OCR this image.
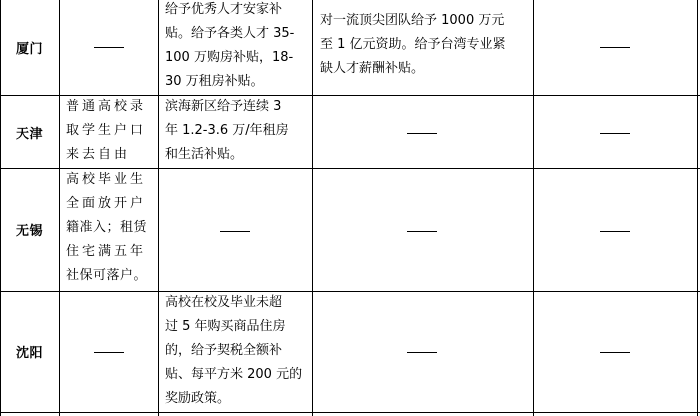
厦门
给予优秀人才安家补
贴。给予各类人才 35-
100 万购房补贴，18-
30 万租房补贴。
对一流顶尖团队给予 1000 万元
至 1 亿元资助。给予台湾专业紧
缺人才薪酬补贴。
天津
普通高校录
取学生户口
来去自由
滨海新区给予连续 3
年 1.2-3.6 万/年租房
和生活补贴。
无锡
高校毕业生
全面放开户
籍准入；租赁
住宅满五年
社保可落户。
沈阳
高校在校及毕业未超
过 5 年购买商品住房
的，给予契税全额补
贴、每平方米 200 元的
奖励政策。
